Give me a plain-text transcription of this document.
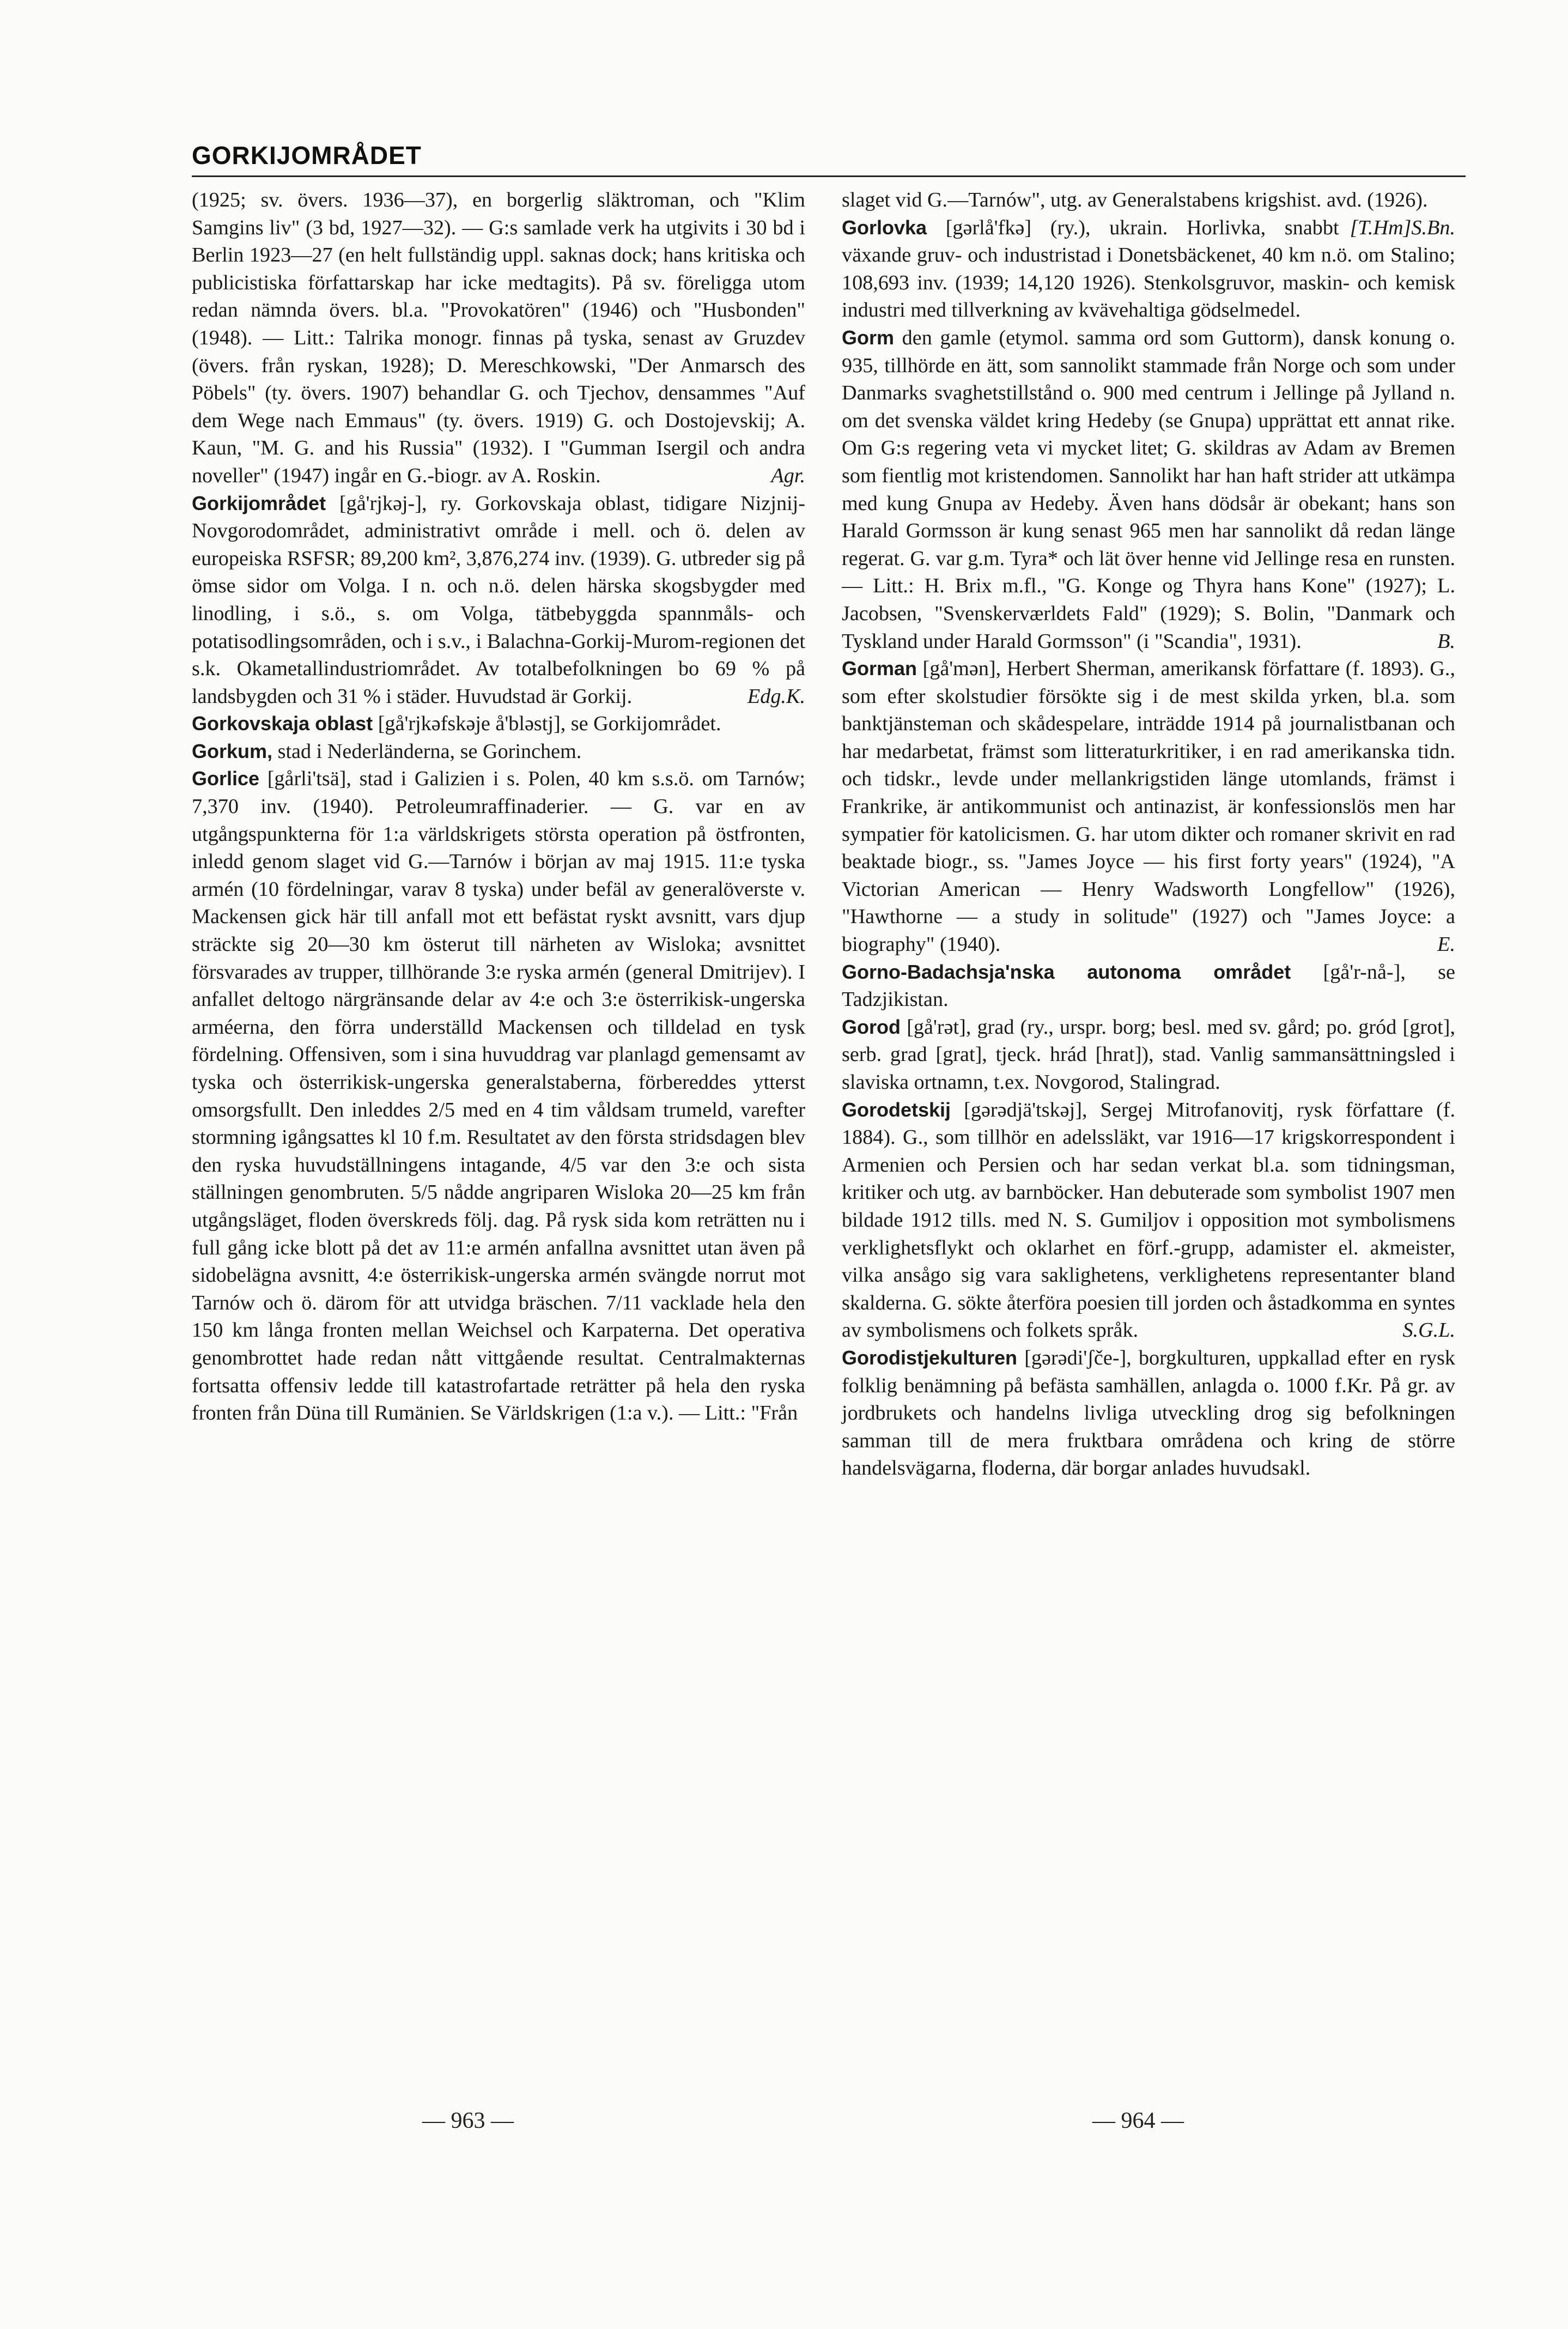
GORKIJOMRÅDET

(1925; sv. övers. 1936—37), en borgerlig släktroman, och "Klim Samgins liv" (3 bd, 1927—32). — G:s samlade verk ha utgivits i 30 bd i Berlin 1923—27 (en helt fullständig uppl. saknas dock; hans kritiska och publicistiska författarskap har icke medtagits). På sv. föreligga utom redan nämnda övers. bl.a. "Provokatören" (1946) och "Husbonden" (1948). — Litt.: Talrika monogr. finnas på tyska, senast av Gruzdev (övers. från ryskan, 1928); D. Mereschkowski, "Der Anmarsch des Pöbels" (ty. övers. 1907) behandlar G. och Tjechov, densammes "Auf dem Wege nach Emmaus" (ty. övers. 1919) G. och Dostojevskij; A. Kaun, "M. G. and his Russia" (1932). I "Gumman Isergil och andra noveller" (1947) ingår en G.-biogr. av A. Roskin.	Agr.

Gorkijområdet [gå'rjkəj-], ry. Gorkovskaja oblast, tidigare Nizjnij-Novgorodområdet, administrativt område i mell. och ö. delen av europeiska RSFSR; 89,200 km², 3,876,274 inv. (1939). G. utbreder sig på ömse sidor om Volga. I n. och n.ö. delen härska skogsbygder med linodling, i s.ö., s. om Volga, tätbebyggda spannmåls- och potatisodlingsområden, och i s.v., i Balachna-Gorkij-Murom-regionen det s.k. Okametallindustriområdet. Av totalbefolkningen bo 69 % på landsbygden och 31 % i städer. Huvudstad är Gorkij.	Edg.K.

Gorkovskaja oblast [gå'rjkəfskəje å'bləstj], se Gorkijområdet.

Gorkum, stad i Nederländerna, se Gorinchem.

Gorlice [gårli'tsä], stad i Galizien i s. Polen, 40 km s.s.ö. om Tarnów; 7,370 inv. (1940). Petroleumraffinaderier. — G. var en av utgångspunkterna för 1:a världskrigets största operation på östfronten, inledd genom slaget vid G.—Tarnów i början av maj 1915. 11:e tyska armén (10 fördelningar, varav 8 tyska) under befäl av generalöverste v. Mackensen gick här till anfall mot ett befästat ryskt avsnitt, vars djup sträckte sig 20—30 km österut till närheten av Wisloka; avsnittet försvarades av trupper, tillhörande 3:e ryska armén (general Dmitrijev). I anfallet deltogo närgränsande delar av 4:e och 3:e österrikisk-ungerska arméerna, den förra underställd Mackensen och tilldelad en tysk fördelning. Offensiven, som i sina huvuddrag var planlagd gemensamt av tyska och österrikisk-ungerska generalstaberna, förbereddes ytterst omsorgsfullt. Den inleddes 2/5 med en 4 tim våldsam trumeld, varefter stormning igångsattes kl 10 f.m. Resultatet av den första stridsdagen blev den ryska huvudställningens intagande, 4/5 var den 3:e och sista ställningen genombruten. 5/5 nådde angriparen Wisloka 20—25 km från utgångsläget, floden överskreds följ. dag. På rysk sida kom reträtten nu i full gång icke blott på det av 11:e armén anfallna avsnittet utan även på sidobelägna avsnitt, 4:e österrikisk-ungerska armén svängde norrut mot Tarnów och ö. därom för att utvidga bräschen. 7/11 vacklade hela den 150 km långa fronten mellan Weichsel och Karpaterna. Det operativa genombrottet hade redan nått vittgående resultat. Centralmakternas fortsatta offensiv ledde till katastrofartade reträtter på hela den ryska fronten från Düna till Rumänien. Se Världskrigen (1:a v.). — Litt.: "Från

slaget vid G.—Tarnów", utg. av Generalstabens krigshist. avd. (1926).
[T.Hm]S.Bn.

Gorlovka [gərlå'fkə] (ry.), ukrain. Horlivka, snabbt växande gruv- och industristad i Donetsbäckenet, 40 km n.ö. om Stalino; 108,693 inv. (1939; 14,120 1926). Stenkolsgruvor, maskin- och kemisk industri med tillverkning av kvävehaltiga gödselmedel.

Gorm den gamle (etymol. samma ord som Guttorm), dansk konung o. 935, tillhörde en ätt, som sannolikt stammade från Norge och som under Danmarks svaghetstillstånd o. 900 med centrum i Jellinge på Jylland n. om det svenska väldet kring Hedeby (se Gnupa) upprättat ett annat rike. Om G:s regering veta vi mycket litet; G. skildras av Adam av Bremen som fientlig mot kristendomen. Sannolikt har han haft strider att utkämpa med kung Gnupa av Hedeby. Även hans dödsår är obekant; hans son Harald Gormsson är kung senast 965 men har sannolikt då redan länge regerat. G. var g.m. Tyra* och lät över henne vid Jellinge resa en runsten. — Litt.: H. Brix m.fl., "G. Konge og Thyra hans Kone" (1927); L. Jacobsen, "Svenskerværldets Fald" (1929); S. Bolin, "Danmark och Tyskland under Harald Gormsson" (i "Scandia", 1931).	B.

Gorman [gå'mən], Herbert Sherman, amerikansk författare (f. 1893). G., som efter skolstudier försökte sig i de mest skilda yrken, bl.a. som banktjänsteman och skådespelare, inträdde 1914 på journalistbanan och har medarbetat, främst som litteraturkritiker, i en rad amerikanska tidn. och tidskr., levde under mellankrigstiden länge utomlands, främst i Frankrike, är antikommunist och antinazist, är konfessionslös men har sympatier för katolicismen. G. har utom dikter och romaner skrivit en rad beaktade biogr., ss. "James Joyce — his first forty years" (1924), "A Victorian American — Henry Wadsworth Longfellow" (1926), "Hawthorne — a study in solitude" (1927) och "James Joyce: a biography" (1940).	E.

Gorno-Badachsja'nska autonoma området [gå'r-nå-], se Tadzjikistan.

Gorod [gå'rət], grad (ry., urspr. borg; besl. med sv. gård; po. gród [grot], serb. grad [grat], tjeck. hrád [hrat]), stad. Vanlig sammansättningsled i slaviska ortnamn, t.ex. Novgorod, Stalingrad.

Gorodetskij [gərədjä'tskəj], Sergej Mitrofanovitj, rysk författare (f. 1884). G., som tillhör en adelssläkt, var 1916—17 krigskorrespondent i Armenien och Persien och har sedan verkat bl.a. som tidningsman, kritiker och utg. av barnböcker. Han debuterade som symbolist 1907 men bildade 1912 tills. med N. S. Gumiljov i opposition mot symbolismens verklighetsflykt och oklarhet en förf.-grupp, adamister el. akmeister, vilka ansågo sig vara saklighetens, verklighetens representanter bland skalderna. G. sökte återföra poesien till jorden och åstadkomma en syntes av symbolismens och folkets språk.	S.G.L.

Gorodistjekulturen [gərədi'ʃče-], borgkulturen, uppkallad efter en rysk folklig benämning på befästa samhällen, anlagda o. 1000 f.Kr. På gr. av jordbrukets och handelns livliga utveckling drog sig befolkningen samman till de mera fruktbara områdena och kring de större handelsvägarna, floderna, där borgar anlades huvudsakl.

— 963 —	— 964 —
